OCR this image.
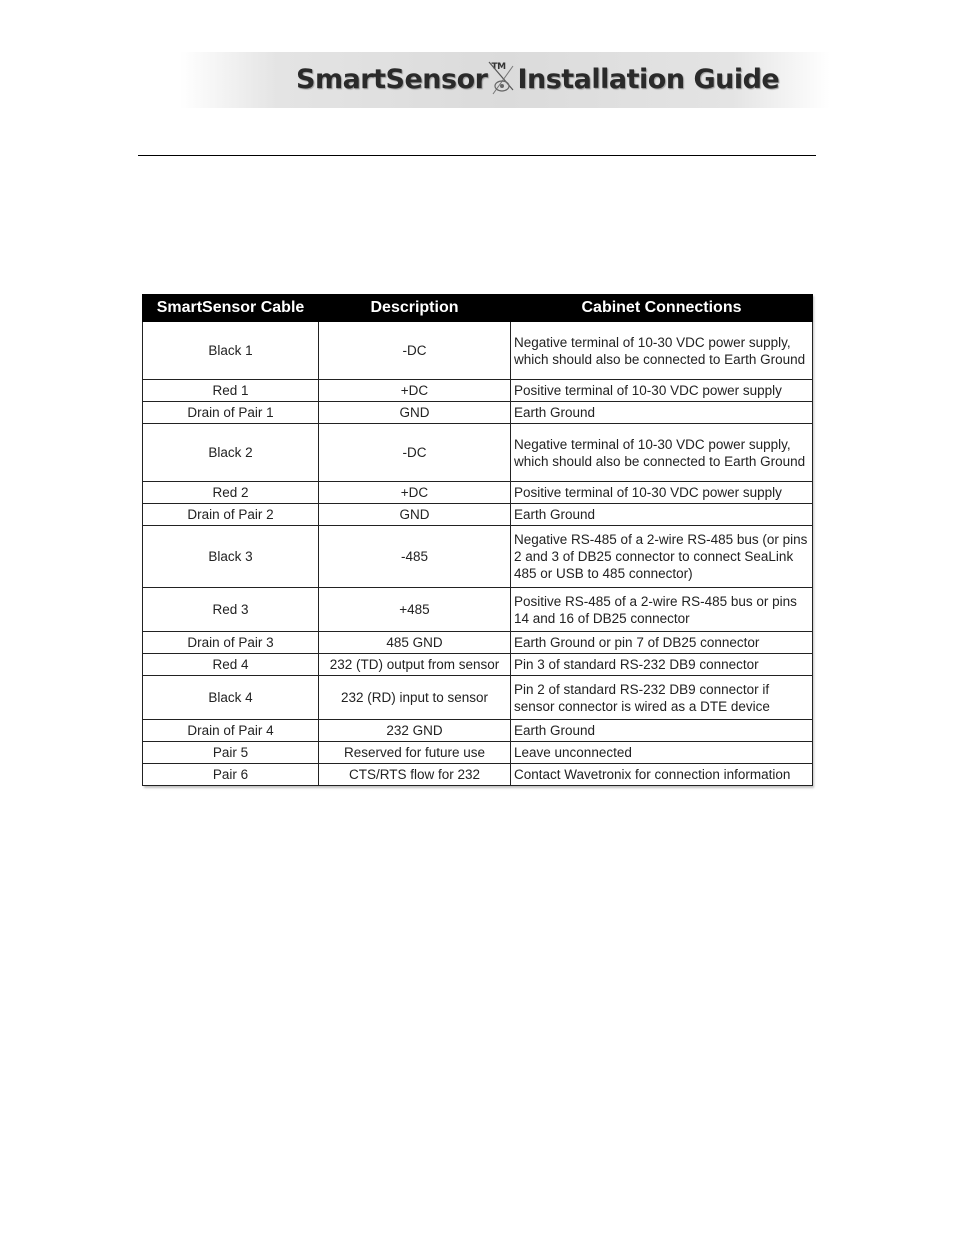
SmartSensor TM Installation Guide
SmartSensor Cable	Description	Cabinet Connections
Black 1	-DC	Negative terminal of 10-30 VDC power supply, which should also be connected to Earth Ground
Red 1	+DC	Positive terminal of 10-30 VDC power supply
Drain of Pair 1	GND	Earth Ground
Black 2	-DC	Negative terminal of 10-30 VDC power supply, which should also be connected to Earth Ground
Red 2	+DC	Positive terminal of 10-30 VDC power supply
Drain of Pair 2	GND	Earth Ground
Black 3	-485	Negative RS-485 of a 2-wire RS-485 bus (or pins 2 and 3 of DB25 connector to connect SeaLink 485 or USB to 485 connector)
Red 3	+485	Positive RS-485 of a 2-wire RS-485 bus or pins 14 and 16 of DB25 connector
Drain of Pair 3	485 GND	Earth Ground or pin 7 of DB25 connector
Red 4	232 (TD) output from sensor	Pin 3 of standard RS-232 DB9 connector
Black 4	232 (RD) input to sensor	Pin 2 of standard RS-232 DB9 connector if sensor connector is wired as a DTE device
Drain of Pair 4	232 GND	Earth Ground
Pair 5	Reserved for future use	Leave unconnected
Pair 6	CTS/RTS flow for 232	Contact Wavetronix for connection information
